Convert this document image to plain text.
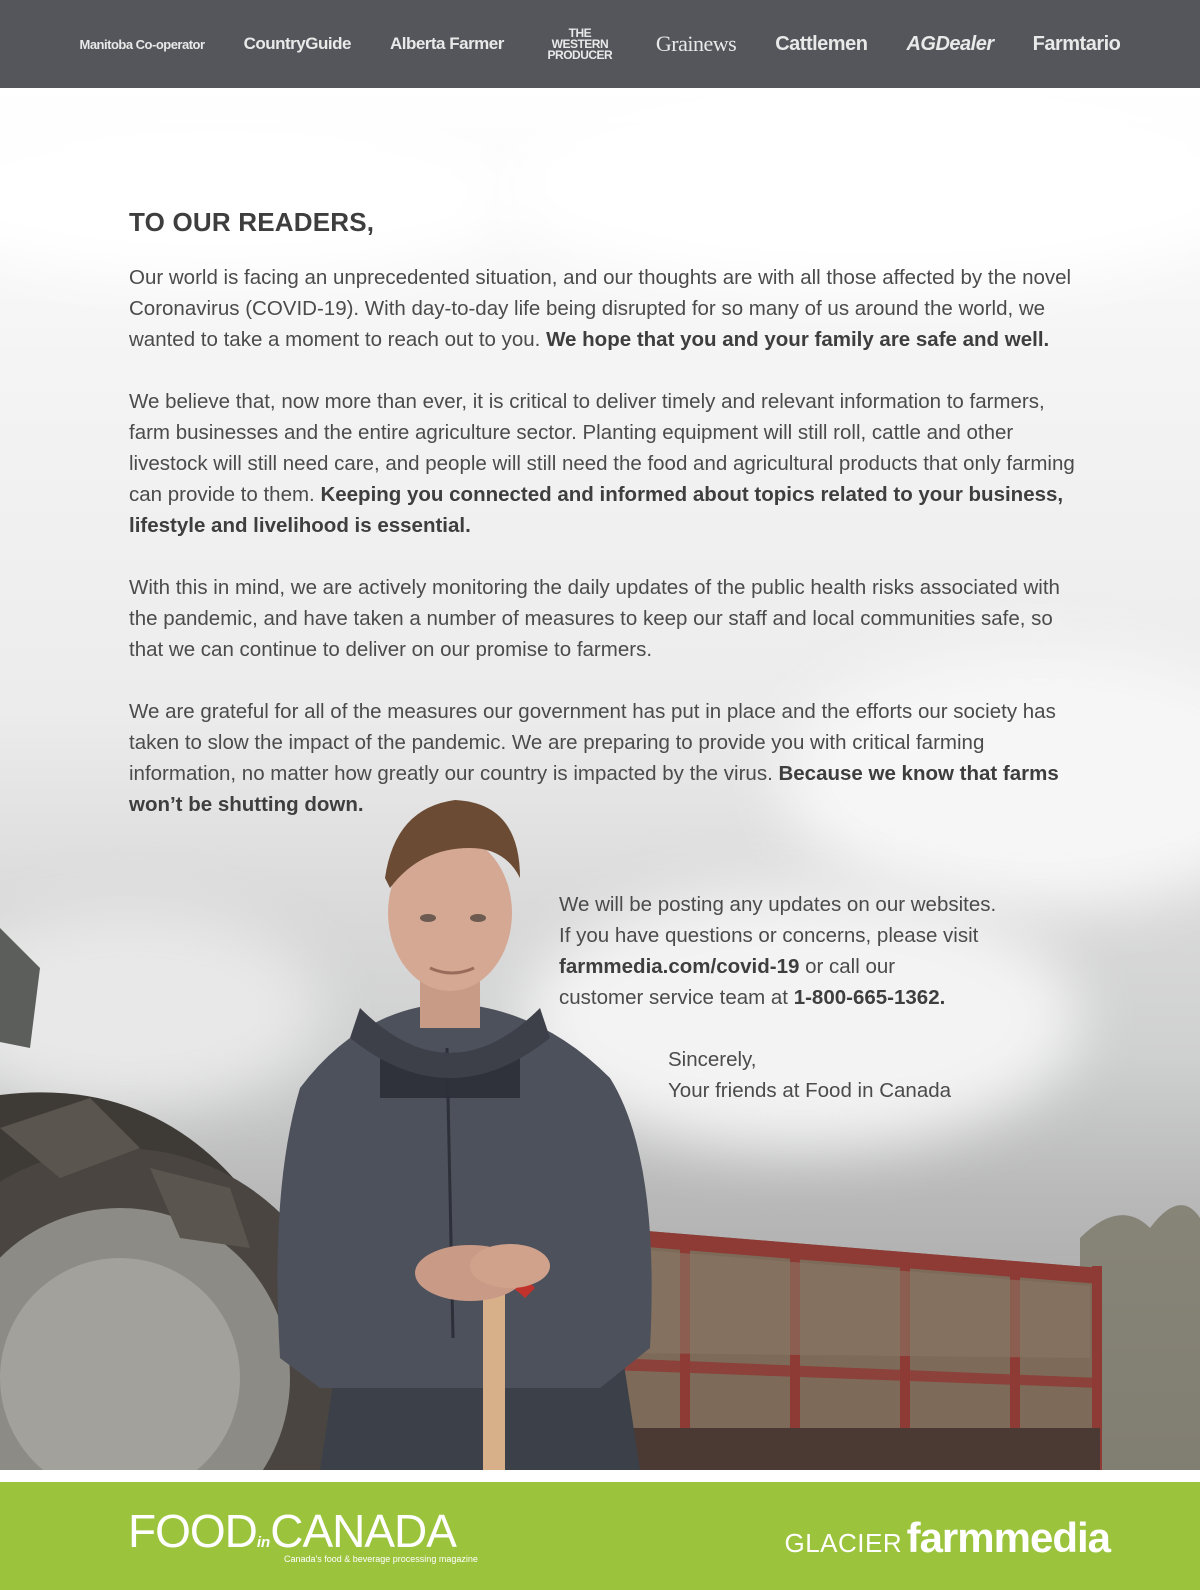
Manitoba Co-operator CountryGuide Alberta Farmer
THE WESTERN PRODUCER Grainews Cattlemen AGDealer Farmtario
TO OUR READERS,

Our world is facing an unprecedented situation, and our thoughts are with all those affected by the novel Coronavirus (COVID-19). With day-to-day life being disrupted for so many of us around the world, we wanted to take a moment to reach out to you. We hope that you and your family are safe and well.

We believe that, now more than ever, it is critical to deliver timely and relevant information to farmers, farm businesses and the entire agriculture sector. Planting equipment will still roll, cattle and other livestock will still need care, and people will still need the food and agricultural products that only farming can provide to them. Keeping you connected and informed about topics related to your business, lifestyle and livelihood is essential.

With this in mind, we are actively monitoring the daily updates of the public health risks associated with the pandemic, and have taken a number of measures to keep our staff and local communities safe, so that we can continue to deliver on our promise to farmers.

We are grateful for all of the measures our government has put in place and the efforts our society has taken to slow the impact of the pandemic. We are preparing to provide you with critical farming information, no matter how greatly our country is impacted by the virus. Because we know that farms won’t be shutting down.

We will be posting any updates on our websites.
If you have questions or concerns, please visit
farmmedia.com/covid-19 or call our
customer service team at 1-800-665-1362.
Sincerely,
Your friends at Food in Canada
FOODinCANADA
Canada's food & beverage processing magazine
GLACIER farmmedia
